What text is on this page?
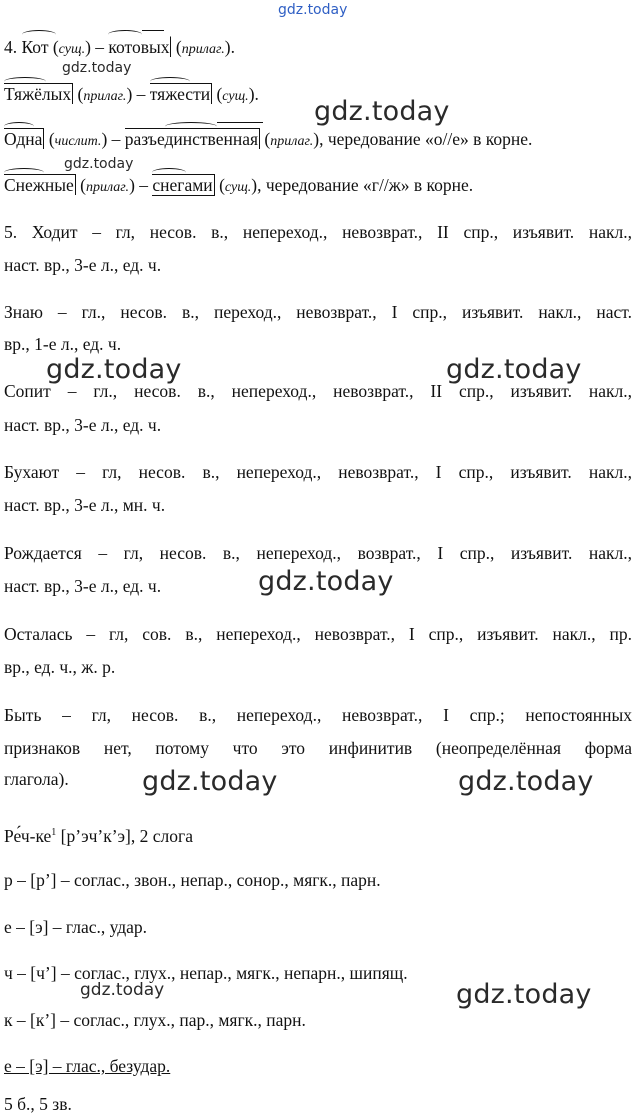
gdz.today
4. Кот (сущ.) – котовых (прилаг.).
gdz.today
Тяжёлых (прилаг.) – тяжести (сущ.).
gdz.today
Одна (числит.) – разъединственная (прилаг.), чередование «о//е» в корне.
gdz.today
Снежные (прилаг.) – снегами (сущ.), чередование «г//ж» в корне.
5. Ходит – гл, несов. в., непереход., невозврат., II спр., изъявит. накл.,
наст. вр., 3-е л., ед. ч.
Знаю – гл., несов. в., переход., невозврат., I спр., изъявит. накл., наст.
вр., 1-е л., ед. ч.
gdz.today	gdz.today
Сопит – гл., несов. в., непереход., невозврат., II спр., изъявит. накл.,
наст. вр., 3-е л., ед. ч.
Бухают – гл, несов. в., непереход., невозврат., I спр., изъявит. накл.,
наст. вр., 3-е л., мн. ч.
Рождается – гл, несов. в., непереход., возврат., I спр., изъявит. накл.,
наст. вр., 3-е л., ед. ч.	gdz.today
Осталась – гл, сов. в., непереход., невозврат., I спр., изъявит. накл., пр.
вр., ед. ч., ж. р.
Быть – гл, несов. в., непереход., невозврат., I спр.; непостоянных
признаков нет, потому что это инфинитив (неопределённая форма
глагола).	gdz.today	gdz.today
$Ре́ч-ке^1$ [р’эч’к’э], 2 слога
р – [р’] – соглас., звон., непар., сонор., мягк., парн.
е – [э] – глас., удар.
ч – [ч’] – соглас., глух., непар., мягк., непарн., шипящ.
gdz.today	gdz.today
к – [к’] – соглас., глух., пар., мягк., парн.
е – [э] – глас., безудар.
5 б., 5 зв.
